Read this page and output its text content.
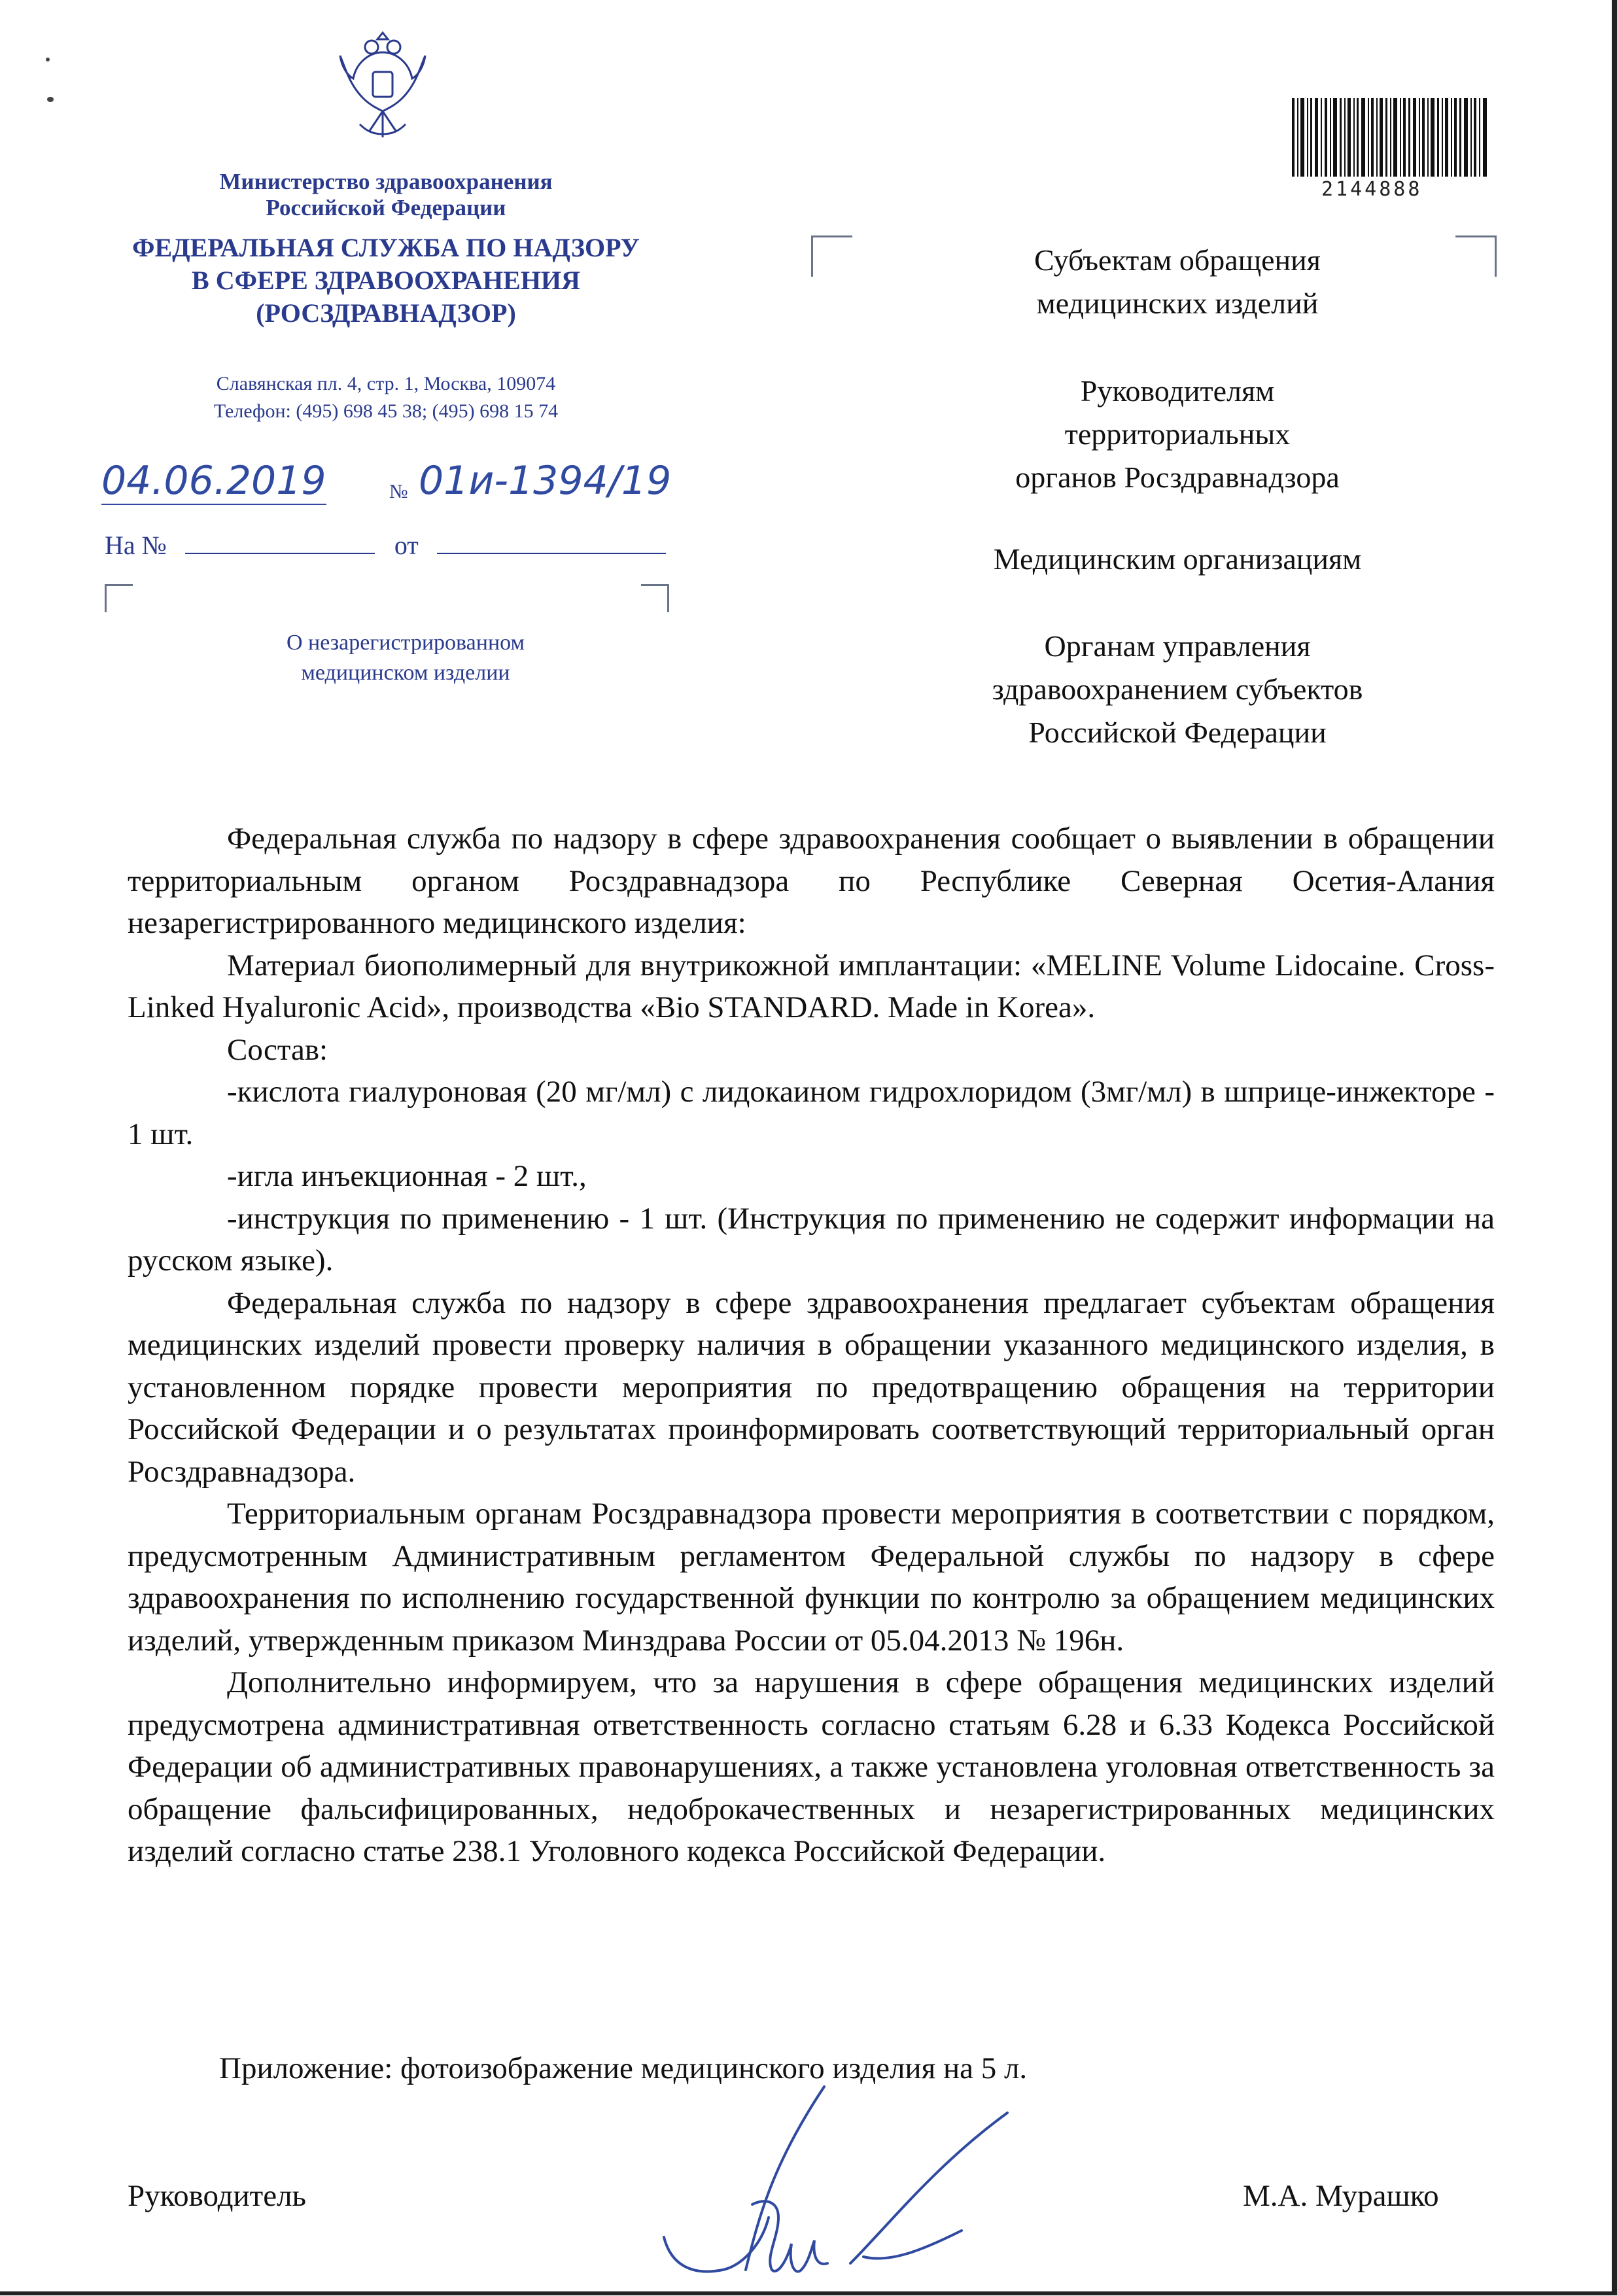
Министерство здравоохранения
Российской Федерации
ФЕДЕРАЛЬНАЯ СЛУЖБА ПО НАДЗОРУ
В СФЕРЕ ЗДРАВООХРАНЕНИЯ
(РОСЗДРАВНАДЗОР)
Славянская пл. 4, стр. 1, Москва, 109074
Телефон: (495) 698 45 38; (495) 698 15 74
04.06.2019	№ 01и-1394/19
На №	от
О незарегистрированном
медицинском изделии
2144888
Субъектам обращения
медицинских изделий
Руководителям
территориальных
органов Росздравнадзора
Медицинским организациям
Органам управления
здравоохранением субъектов
Российской Федерации

Федеральная служба по надзору в сфере здравоохранения сообщает о выявлении в обращении территориальным органом Росздравнадзора по Республике Северная Осетия-Алания незарегистрированного медицинского изделия:

Материал биополимерный для внутрикожной имплантации: «MELINE Volume Lidocaine. Cross-Linked Hyaluronic Acid», производства «Bio STANDARD. Made in Korea».

Состав:

-кислота гиалуроновая (20 мг/мл) с лидокаином гидрохлоридом (3мг/мл) в шприце-инжекторе - 1 шт.

-игла инъекционная - 2 шт.,

-инструкция по применению - 1 шт. (Инструкция по применению не содержит информации на русском языке).

Федеральная служба по надзору в сфере здравоохранения предлагает субъектам обращения медицинских изделий провести проверку наличия в обращении указанного медицинского изделия, в установленном порядке провести мероприятия по предотвращению обращения на территории Российской Федерации и о результатах проинформировать соответствующий территориальный орган Росздравнадзора.

Территориальным органам Росздравнадзора провести мероприятия в соответствии с порядком, предусмотренным Административным регламентом Федеральной службы по надзору в сфере здравоохранения по исполнению государственной функции по контролю за обращением медицинских изделий, утвержденным приказом Минздрава России от 05.04.2013 № 196н.

Дополнительно информируем, что за нарушения в сфере обращения медицинских изделий предусмотрена административная ответственность согласно статьям 6.28 и 6.33 Кодекса Российской Федерации об административных правонарушениях, а также установлена уголовная ответственность за обращение фальсифицированных, недоброкачественных и незарегистрированных медицинских изделий согласно статье 238.1 Уголовного кодекса Российской Федерации.

Приложение: фотоизображение медицинского изделия на 5 л.
Руководитель	М.А. Мурашко
